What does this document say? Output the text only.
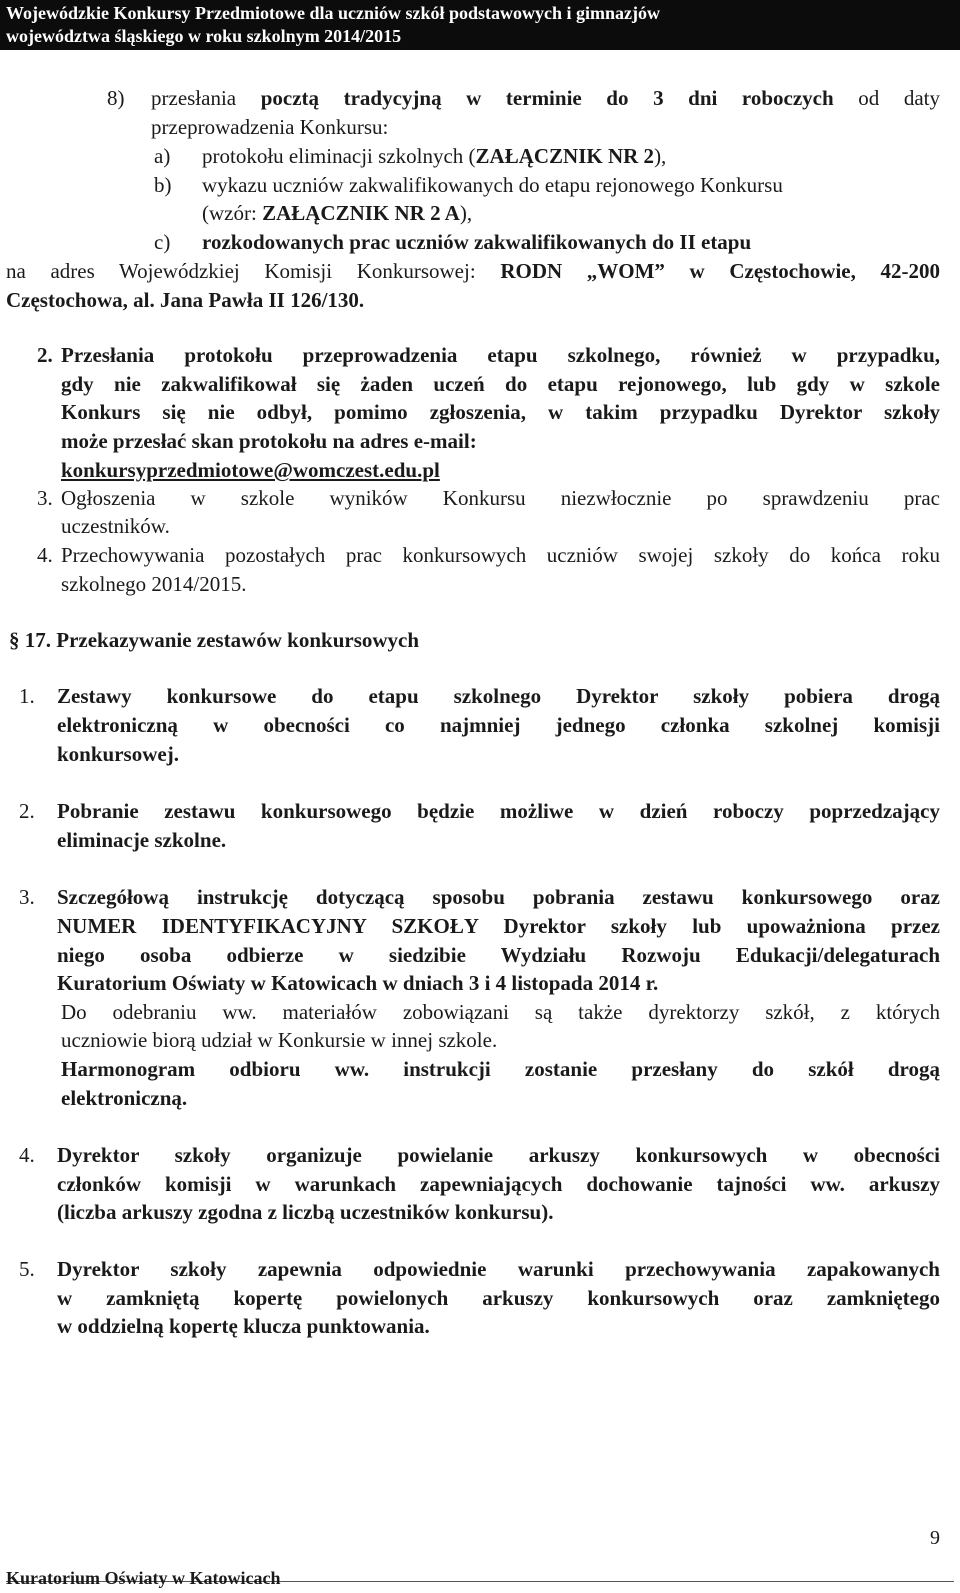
Wojewódzkie Konkursy Przedmiotowe dla uczniów szkół podstawowych i gimnazjów
województwa śląskiego w roku szkolnym 2014/2015
8) przesłania pocztą tradycyjną w terminie do 3 dni roboczych od daty
przeprowadzenia Konkursu:
a) protokołu eliminacji szkolnych (ZAŁĄCZNIK NR 2),
b) wykazu uczniów zakwalifikowanych do etapu rejonowego Konkursu
(wzór: ZAŁĄCZNIK NR 2 A),
c) rozkodowanych prac uczniów zakwalifikowanych do II etapu
na adres Wojewódzkiej Komisji Konkursowej: RODN „WOM” w Częstochowie, 42-200
Częstochowa, al. Jana Pawła II 126/130.
2. Przesłania protokołu przeprowadzenia etapu szkolnego, również w przypadku,
gdy nie zakwalifikował się żaden uczeń do etapu rejonowego, lub gdy w szkole
Konkurs się nie odbył, pomimo zgłoszenia, w takim przypadku Dyrektor szkoły
może przesłać skan protokołu na adres e-mail:
konkursyprzedmiotowe@womczest.edu.pl
3. Ogłoszenia w szkole wyników Konkursu niezwłocznie po sprawdzeniu prac
uczestników.
4. Przechowywania pozostałych prac konkursowych uczniów swojej szkoły do końca roku
szkolnego 2014/2015.
§ 17. Przekazywanie zestawów konkursowych
1. Zestawy konkursowe do etapu szkolnego Dyrektor szkoły pobiera drogą
elektroniczną w obecności co najmniej jednego członka szkolnej komisji
konkursowej.
2. Pobranie zestawu konkursowego będzie możliwe w dzień roboczy poprzedzający
eliminacje szkolne.
3. Szczegółową instrukcję dotyczącą sposobu pobrania zestawu konkursowego oraz
NUMER IDENTYFIKACYJNY SZKOŁY Dyrektor szkoły lub upoważniona przez
niego osoba odbierze w siedzibie Wydziału Rozwoju Edukacji/delegaturach
Kuratorium Oświaty w Katowicach w dniach 3 i 4 listopada 2014 r.
Do odebraniu ww. materiałów zobowiązani są także dyrektorzy szkół, z których
uczniowie biorą udział w Konkursie w innej szkole.
Harmonogram odbioru ww. instrukcji zostanie przesłany do szkół drogą
elektroniczną.
4. Dyrektor szkoły organizuje powielanie arkuszy konkursowych w obecności
członków komisji w warunkach zapewniających dochowanie tajności ww. arkuszy
(liczba arkuszy zgodna z liczbą uczestników konkursu).
5. Dyrektor szkoły zapewnia odpowiednie warunki przechowywania zapakowanych
w zamkniętą kopertę powielonych arkuszy konkursowych oraz zamkniętego
w oddzielną kopertę klucza punktowania.
9
Kuratorium Oświaty w Katowicach
